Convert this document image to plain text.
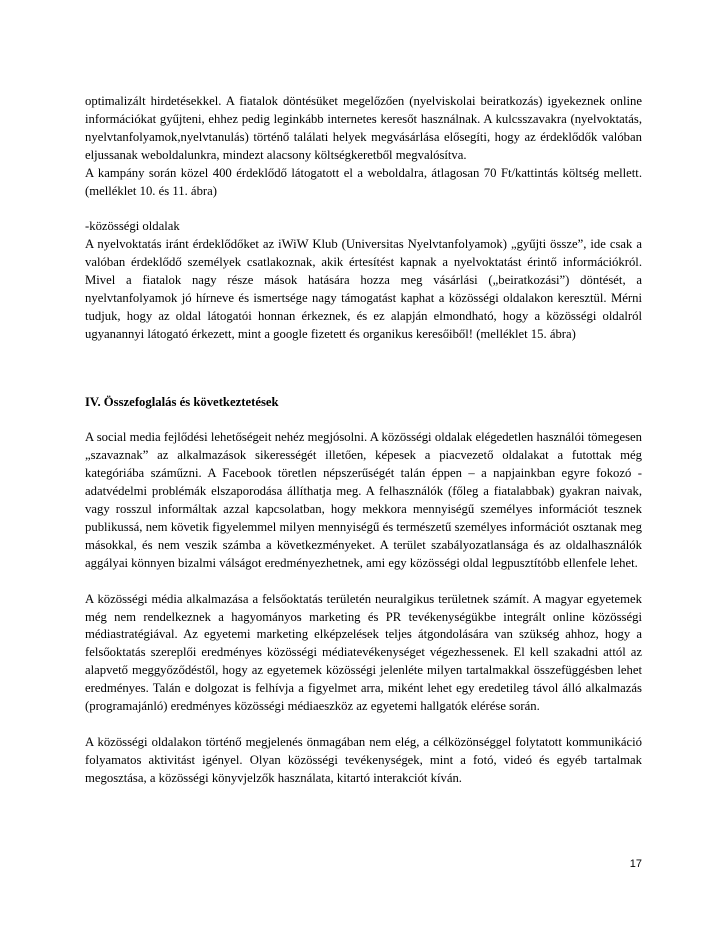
optimalizált hirdetésekkel. A fiatalok döntésüket megelőzően (nyelviskolai beiratkozás) igyekeznek online információkat gyűjteni, ehhez pedig leginkább internetes keresőt használnak. A kulcsszavakra (nyelvoktatás, nyelvtanfolyamok,nyelvtanulás) történő találati helyek megvásárlása elősegíti, hogy az érdeklődők valóban eljussanak weboldalunkra, mindezt alacsony költségkeretből megvalósítva.

A kampány során közel 400 érdeklődő látogatott el a weboldalra, átlagosan 70 Ft/kattintás költség mellett. (melléklet 10. és 11. ábra)

-közösségi oldalak

A nyelvoktatás iránt érdeklődőket az iWiW Klub (Universitas Nyelvtanfolyamok) „gyűjti össze”, ide csak a valóban érdeklődő személyek csatlakoznak, akik értesítést kapnak a nyelvoktatást érintő információkról. Mivel a fiatalok nagy része mások hatására hozza meg vásárlási („beiratkozási”) döntését, a nyelvtanfolyamok jó hírneve és ismertsége nagy támogatást kaphat a közösségi oldalakon keresztül. Mérni tudjuk, hogy az oldal látogatói honnan érkeznek, és ez alapján elmondható, hogy a közösségi oldalról ugyanannyi látogató érkezett, mint a google fizetett és organikus keresőiből! (melléklet 15. ábra)

IV. Összefoglalás és következtetések

A social media fejlődési lehetőségeit nehéz megjósolni. A közösségi oldalak elégedetlen használói tömegesen „szavaznak” az alkalmazások sikerességét illetően, képesek a piacvezető oldalakat a futottak még kategóriába száműzni. A Facebook töretlen népszerűségét talán éppen – a napjainkban egyre fokozó - adatvédelmi problémák elszaporodása állíthatja meg. A felhasználók (főleg a fiatalabbak) gyakran naivak, vagy rosszul informáltak azzal kapcsolatban, hogy mekkora mennyiségű személyes információt tesznek publikussá, nem követik figyelemmel milyen mennyiségű és természetű személyes információt osztanak meg másokkal, és nem veszik számba a következményeket. A terület szabályozatlansága és az oldalhasználók aggályai könnyen bizalmi válságot eredményezhetnek, ami egy közösségi oldal legpusztítóbb ellenfele lehet.

A közösségi média alkalmazása a felsőoktatás területén neuralgikus területnek számít. A magyar egyetemek még nem rendelkeznek a hagyományos marketing és PR tevékenységükbe integrált online közösségi médiastratégiával. Az egyetemi marketing elképzelések teljes átgondolására van szükség ahhoz, hogy a felsőoktatás szereplői eredményes közösségi médiatevékenységet végezhessenek. El kell szakadni attól az alapvető meggyőződéstől, hogy az egyetemek közösségi jelenléte milyen tartalmakkal összefüggésben lehet eredményes. Talán e dolgozat is felhívja a figyelmet arra, miként lehet egy eredetileg távol álló alkalmazás (programajánló) eredményes közösségi médiaeszköz az egyetemi hallgatók elérése során.

A közösségi oldalakon történő megjelenés önmagában nem elég, a célközönséggel folytatott kommunikáció folyamatos aktivitást igényel. Olyan közösségi tevékenységek, mint a fotó, videó és egyéb tartalmak megosztása, a közösségi könyvjelzők használata, kitartó interakciót kíván.

17
